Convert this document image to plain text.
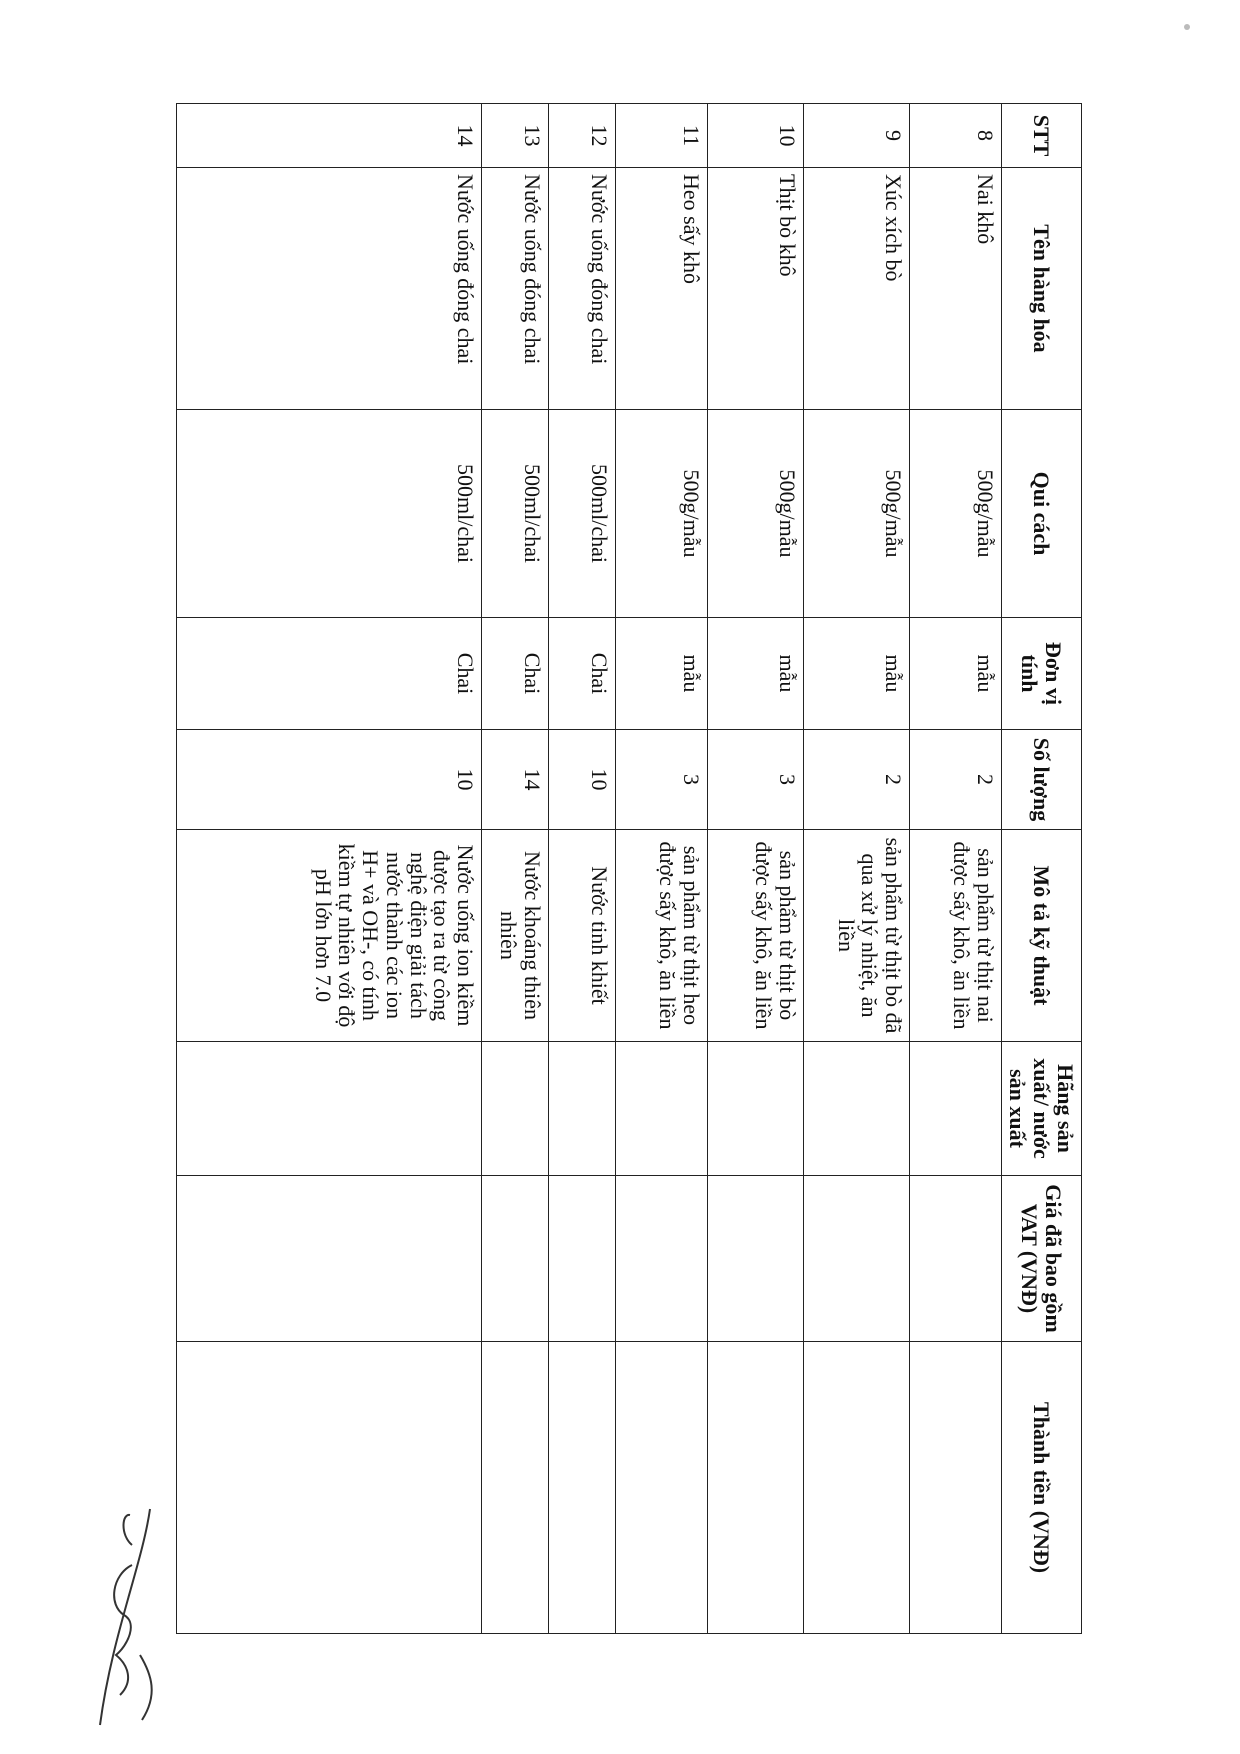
STT	Tên hàng hóa	Qui cách	Đơn vị tính	Số lượng	Mô tả kỹ thuật	Hãng sản xuất/ nước sản xuất	Giá đã bao gồm VAT (VNĐ)	Thành tiền (VNĐ)
8	Nai khô	500g/mẫu	mẫu	2	sản phẩm từ thịt nai được sấy khô, ăn liền			
9	Xúc xích bò	500g/mẫu	mẫu	2	sản phẩm từ thịt bò đã qua xử lý nhiệt, ăn liền			
10	Thịt bò khô	500g/mẫu	mẫu	3	sản phẩm từ thịt bò được sấy khô, ăn liền			
11	Heo sấy khô	500g/mẫu	mẫu	3	sản phẩm từ thịt heo được sấy khô, ăn liền			
12	Nước uống đóng chai	500ml/chai	Chai	10	Nước tinh khiết			
13	Nước uống đóng chai	500ml/chai	Chai	14	Nước khoáng thiên nhiên			
14	Nước uống đóng chai	500ml/chai	Chai	10	Nước uống ion kiềm được tạo ra từ công nghệ điện giải tách nước thành các ion H+ và OH-, có tính kiềm tự nhiên với độ pH lớn hơn 7.0			
